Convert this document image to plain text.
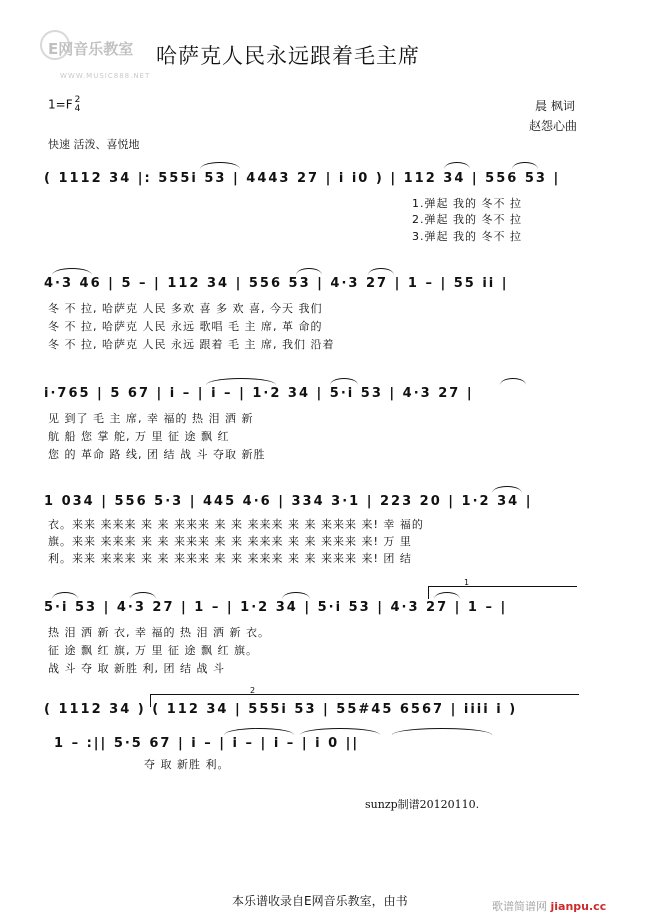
E网音乐教室
WWW.MUSIC888.NET
哈萨克人民永远跟着毛主席
1=F 2
4	晨 枫词
赵怨心曲
快速 活泼、喜悦地
( 1112 34 |: 555i 53 | 4443 27 | i i0 ) | 112 34 | 556 53 |
1.弹起 我的 冬不 拉
2.弹起 我的 冬不 拉
3.弹起 我的 冬不 拉
4·3 46 | 5 – | 112 34 | 556 53 | 4·3 27 | 1 – | 55 ii |
冬 不 拉, 哈萨克 人民 多欢 喜 多 欢 喜, 今天 我们
冬 不 拉, 哈萨克 人民 永远 歌唱 毛 主 席, 革 命的
冬 不 拉, 哈萨克 人民 永远 跟着 毛 主 席, 我们 沿着
i·765 | 5 67 | i – | i – | 1·2 34 | 5·i 53 | 4·3 27 |
见 到了 毛 主 席, 幸 福的 热 泪 洒 新
航 船 您 掌 舵, 万 里 征 途 飘 红
您 的 革命 路 线, 团 结 战 斗 夺取 新胜
1 034 | 556 5·3 | 445 4·6 | 334 3·1 | 223 20 | 1·2 34 |
衣。来来 来来来 来 来 来来来 来 来 来来来 来 来 来来来 来! 幸 福的
旗。来来 来来来 来 来 来来来 来 来 来来来 来 来 来来来 来! 万 里
利。来来 来来来 来 来 来来来 来 来 来来来 来 来 来来来 来! 团 结
1
5·i 53 | 4·3 27 | 1 – | 1·2 34 | 5·i 53 | 4·3 27 | 1 – |
热 泪 洒 新 衣, 幸 福的 热 泪 洒 新 衣。
征 途 飘 红 旗, 万 里 征 途 飘 红 旗。
战 斗 夺 取 新胜 利, 团 结 战 斗
2
( 1112 34 ) ( 112 34 | 555i 53 | 55#45 6567 | iiii i )
1 – :|| 5·5 67 | i – | i – | i – | i 0 ||
夺 取 新胜 利。
sunzp制谱20120110.
本乐谱收录自E网音乐教室，由书	歌谱简谱网 jianpu.cc
